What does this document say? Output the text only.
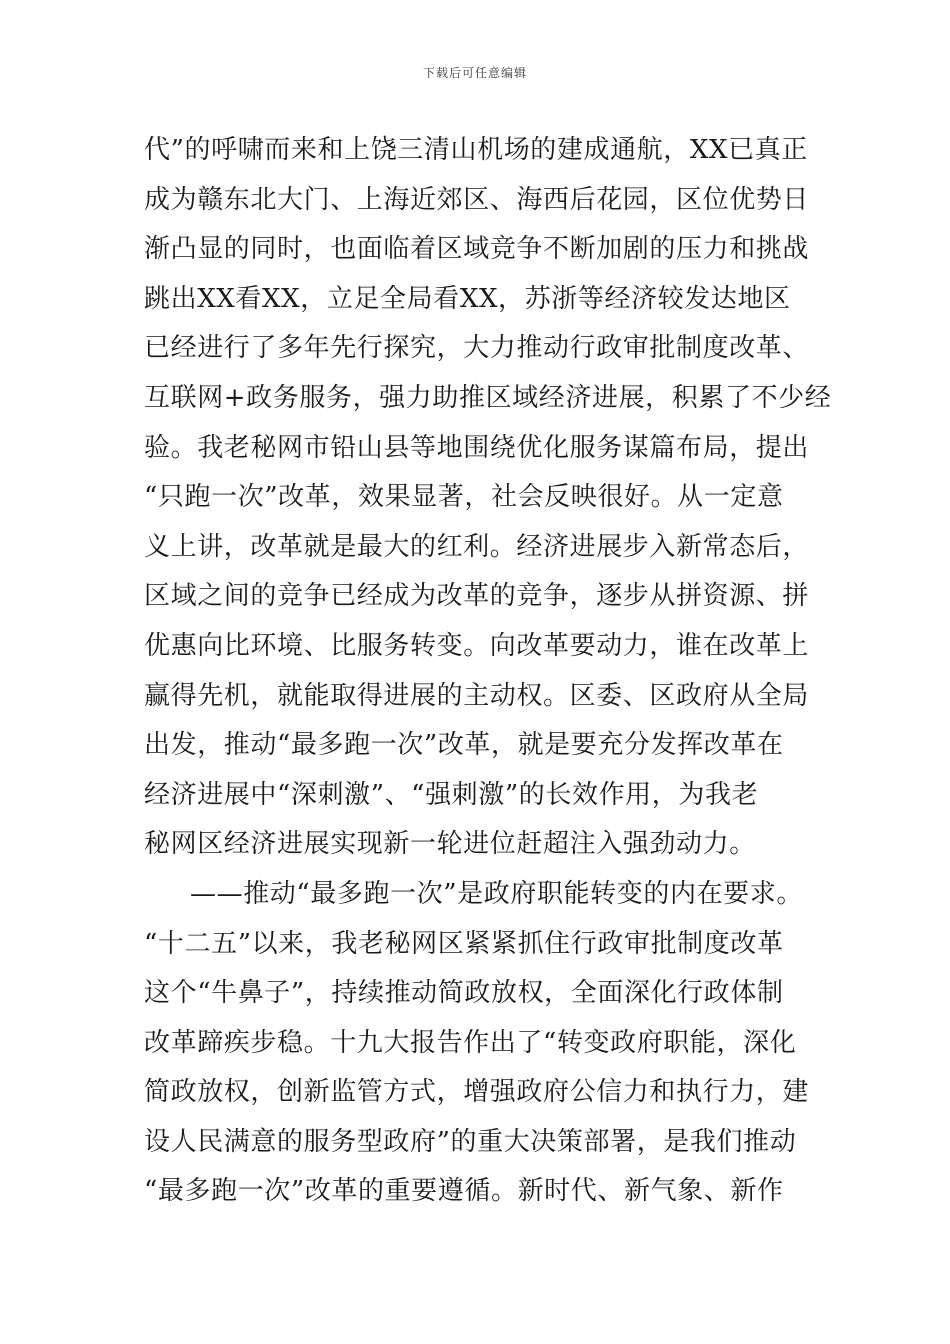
下载后可任意编辑
代”的呼啸而来和上饶三清山机场的建成通航，XX已真正
成为赣东北大门、上海近郊区、海西后花园，区位优势日
渐凸显的同时，也面临着区域竞争不断加剧的压力和挑战
跳出XX看XX，立足全局看XX，苏浙等经济较发达地区
已经进行了多年先行探究，大力推动行政审批制度改革、
互联网+政务服务，强力助推区域经济进展，积累了不少经
验。我老秘网市铅山县等地围绕优化服务谋篇布局，提出
“只跑一次”改革，效果显著，社会反映很好。从一定意
义上讲，改革就是最大的红利。经济进展步入新常态后，
区域之间的竞争已经成为改革的竞争，逐步从拼资源、拼
优惠向比环境、比服务转变。向改革要动力，谁在改革上
赢得先机，就能取得进展的主动权。区委、区政府从全局
出发，推动“最多跑一次”改革，就是要充分发挥改革在
经济进展中“深刺激”、“强刺激”的长效作用，为我老
秘网区经济进展实现新一轮进位赶超注入强劲动力。
——推动“最多跑一次”是政府职能转变的内在要求。
“十二五”以来，我老秘网区紧紧抓住行政审批制度改革
这个“牛鼻子”，持续推动简政放权，全面深化行政体制
改革蹄疾步稳。十九大报告作出了“转变政府职能，深化
简政放权，创新监管方式，增强政府公信力和执行力，建
设人民满意的服务型政府”的重大决策部署，是我们推动
“最多跑一次”改革的重要遵循。新时代、新气象、新作
